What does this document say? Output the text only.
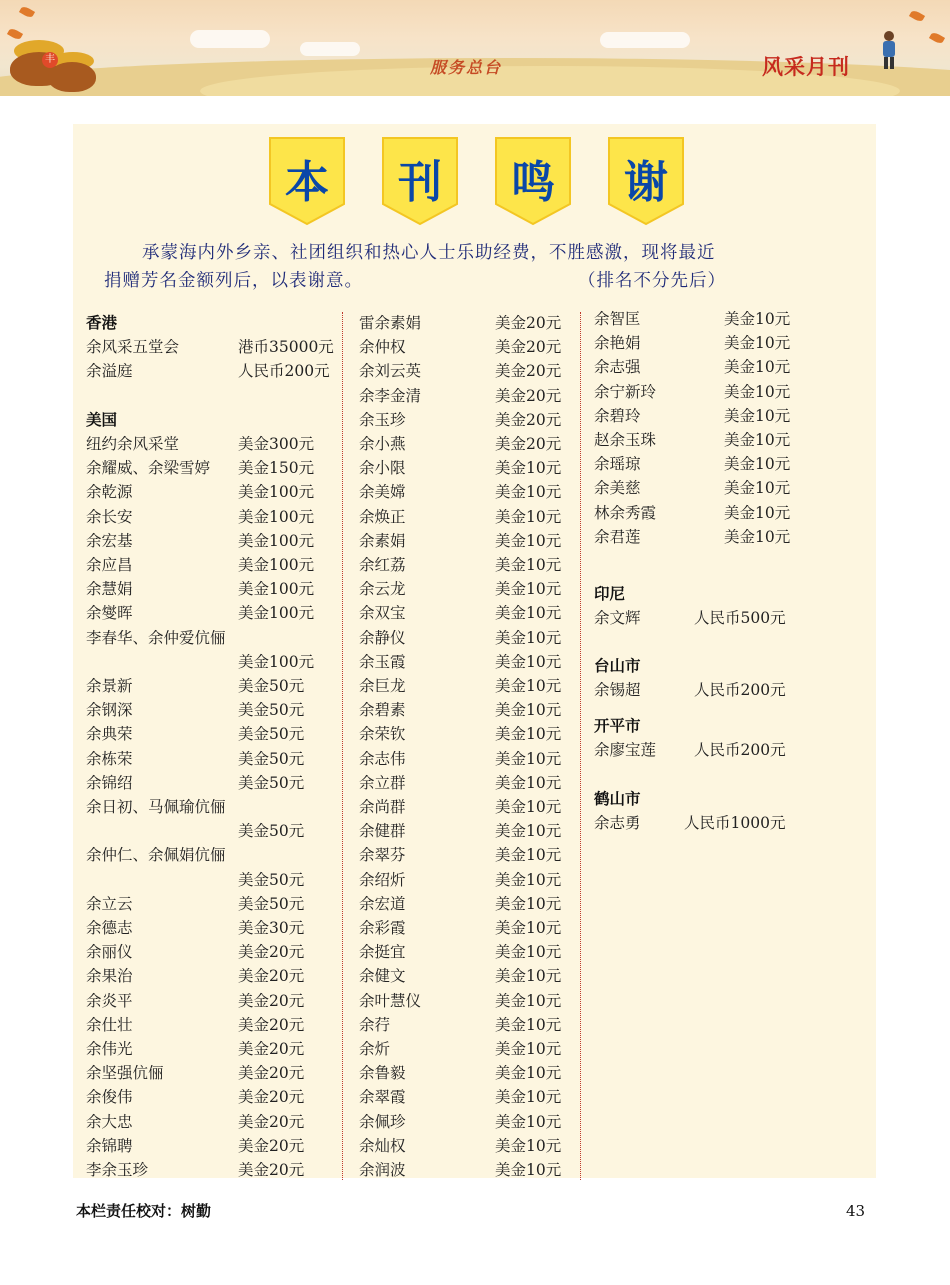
丰	服务总台	风采月刊
本	刊	鸣	谢
承蒙海内外乡亲、社团组织和热心人士乐助经费，不胜感激，现将最近
捐赠芳名金额列后，以表谢意。	（排名不分先后）
香港
余风采五堂会	港币35000元
余溢庭	人民币200元
美国
纽约余风采堂	美金300元
余耀威、余梁雪婷 美金150元
余乾源	美金100元
余长安	美金100元
余宏基	美金100元
余应昌	美金100元
余慧娟	美金100元
余燮晖	美金100元
李春华、余仲爱伉俪
美金100元
余景新	美金50元
余钢深	美金50元
余典荣	美金50元
余栋荣	美金50元
余锦绍	美金50元
余日初、马佩瑜伉俪
美金50元
余仲仁、余佩娟伉俪
美金50元
余立云	美金50元
余德志	美金30元
余丽仪	美金20元
余果治	美金20元
余炎平	美金20元
余仕壮	美金20元
余伟光	美金20元
余坚强伉俪	美金20元
余俊伟	美金20元
余大忠	美金20元
余锦聘	美金20元
李余玉珍	美金20元
雷余素娟	美金20元
余仲权	美金20元
余刘云英	美金20元
余李金清	美金20元
余玉珍	美金20元
余小燕	美金20元
余小限	美金10元
余美嫦	美金10元
余焕正	美金10元
余素娟	美金10元
余红荔	美金10元
余云龙	美金10元
余双宝	美金10元
余静仪	美金10元
余玉霞	美金10元
余巨龙	美金10元
余碧素	美金10元
余荣钦	美金10元
余志伟	美金10元
余立群	美金10元
余尚群	美金10元
余健群	美金10元
余翠芬	美金10元
余绍炘	美金10元
余宏道	美金10元
余彩霞	美金10元
余挺宜	美金10元
余健文	美金10元
余叶慧仪	美金10元
余荇	美金10元
余炘	美金10元
余鲁毅	美金10元
余翠霞	美金10元
余佩珍	美金10元
余灿权	美金10元
余润波	美金10元
余智匡	美金10元
余艳娟	美金10元
余志强	美金10元
余宁新玲	美金10元
余碧玲	美金10元
赵余玉珠	美金10元
余瑶琼	美金10元
余美慈	美金10元
林余秀霞	美金10元
余君莲	美金10元
印尼
余文辉	人民币500元
台山市
余锡超	人民币200元
开平市
余廖宝莲 人民币200元
鹤山市
余志勇	人民币1000元
本栏责任校对：树勤	43
